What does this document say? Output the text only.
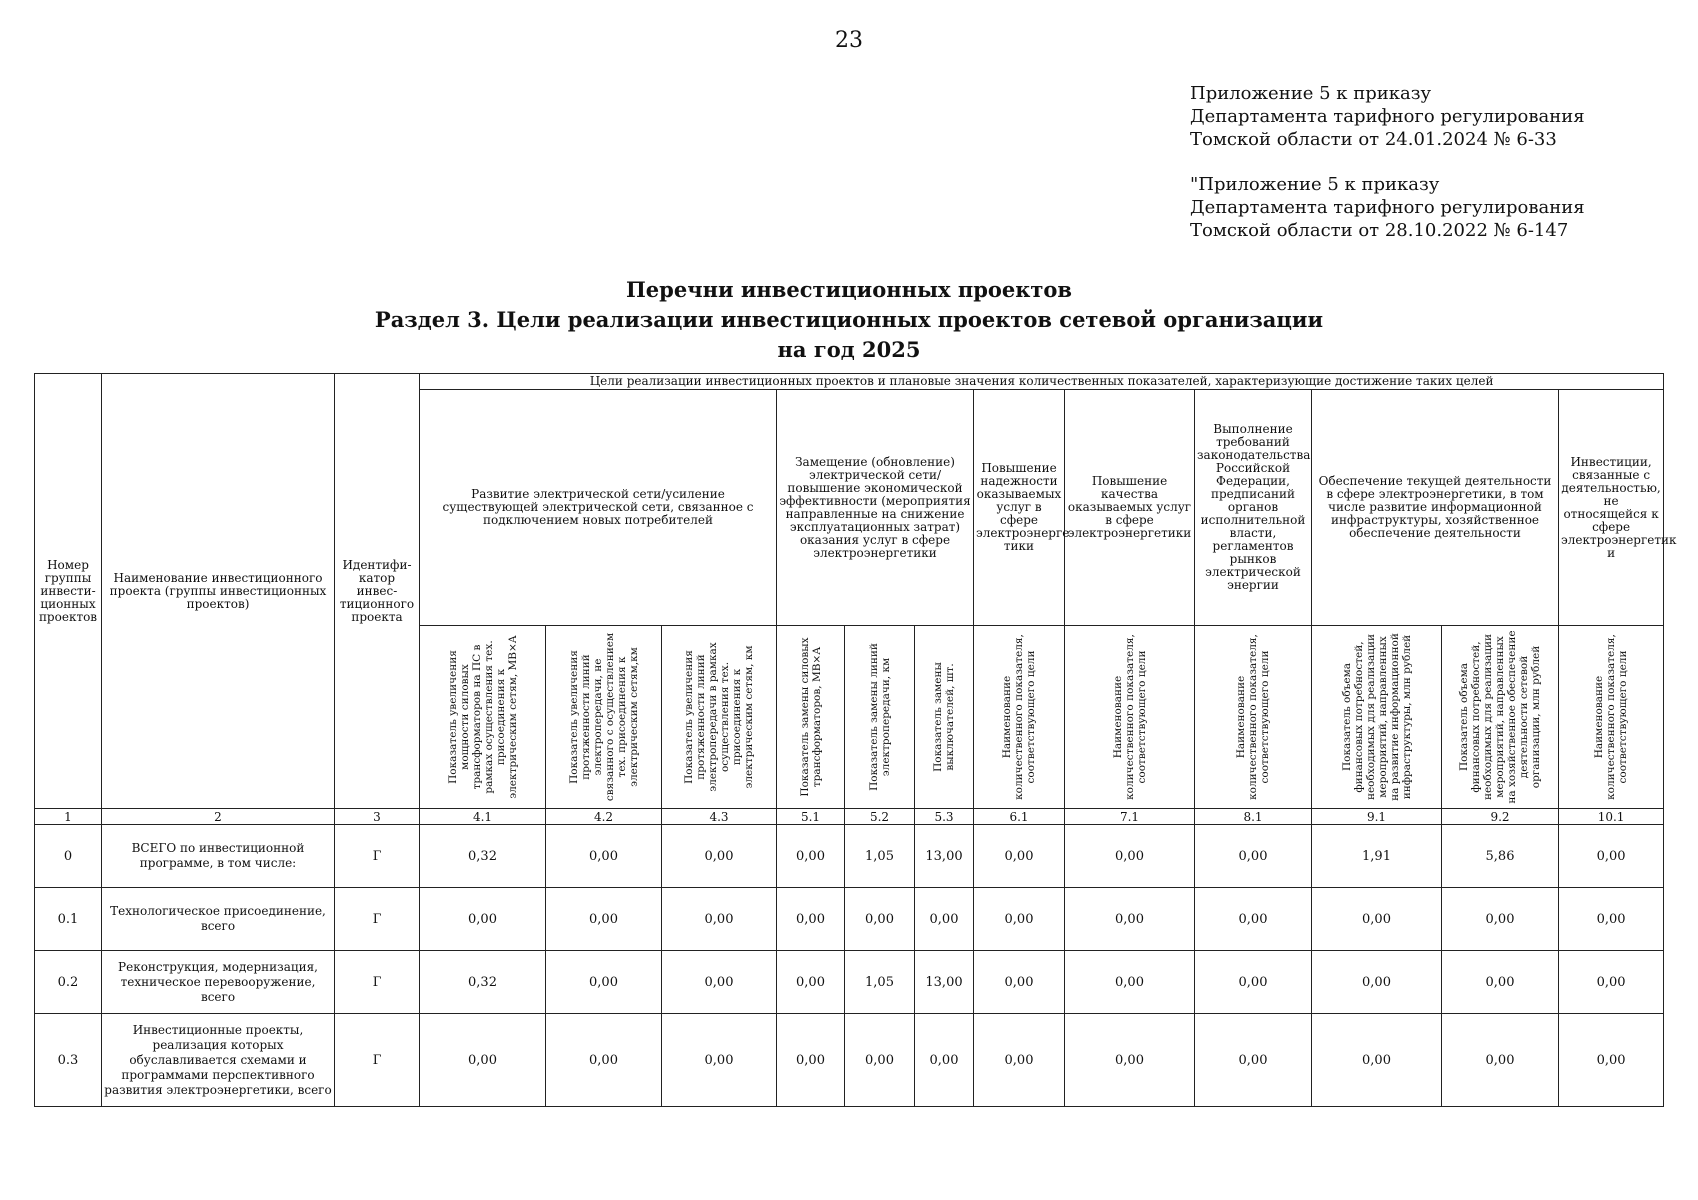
23
Приложение 5 к приказу
Департамента тарифного регулирования
Томской области от 24.01.2024 № 6-33
"Приложение 5 к приказу
Департамента тарифного регулирования
Томской области от 28.10.2022 № 6-147
Перечни инвестиционных проектов
Раздел 3. Цели реализации инвестиционных проектов сетевой организации
на год 2025
Номер группы инвести-ционных проектов	Наименование инвестиционного проекта (группы инвестиционных проектов)	Идентифи-катор инвес-тиционного проекта	Цели реализации инвестиционных проектов и плановые значения количественных показателей, характеризующие достижение таких целей											
			Развитие электрической сети/усиление существующей электрической сети, связанное с подключением новых потребителей			Замещение (обновление) электрической сети/повышение экономической эффективности (мероприятия направленные на снижение эксплуатационных затрат) оказания услуг в сфере электроэнергетики			Повышение надежности оказываемых услуг в сфере электроэнерге тики	Повышение качества оказываемых услуг в сфере электроэнергетики	Выполнение требований законодательства Российской Федерации, предписаний органов исполнительной власти, регламентов рынков электрической энергии	Обеспечение текущей деятельности в сфере электроэнергетики, в том числе развитие информационной инфраструктуры, хозяйственное обеспечение деятельности		Инвестиции, связанные с деятельностью, не относящейся к сфере электроэнергетик и

			Показатель увеличения мощности силовых трансформаторов на ПС в рамках осуществления тех. присоединения к электрическим сетям, МВ×А	Показатель увеличения протяженности линий электропередачи, не связанного с осуществлением тех. присоединения к электрическим сетям,км	Показатель увеличения протяженности линий электропередачи в рамках осуществления тех. присоединения к электрическим сетям, км	Показатель замены силовых трансформаторов, МВ×А	Показатель замены линий электропередачи, км	Показатель замены выключателей, шт.	Наименование количественного показателя, соответствующего цели	Наименование количественного показателя, соответствующего цели	Наименование количественного показателя, соответствующего цели	Показатель объема финансовых потребностей, необходимых для реализации мероприятий, направленных на развитие информационной инфраструктуры, млн рублей	Показатель объема финансовых потребностей, необходимых для реализации мероприятий, направленных на хозяйственное обеспечение деятельности сетевой организации, млн рублей	Наименование количественного показателя, соответствующего цели

1	2	3	4.1	4.2	4.3	5.1	5.2	5.3	6.1	7.1	8.1	9.1	9.2	10.1
0	ВСЕГО по инвестиционной программе, в том числе:	Г	0,32	0,00	0,00	0,00	1,05	13,00	0,00	0,00	0,00	1,91	5,86	0,00
0.1	Технологическое присоединение, всего	Г	0,00	0,00	0,00	0,00	0,00	0,00	0,00	0,00	0,00	0,00	0,00	0,00
0.2	Реконструкция, модернизация, техническое перевооружение, всего	Г	0,32	0,00	0,00	0,00	1,05	13,00	0,00	0,00	0,00	0,00	0,00	0,00
0.3	Инвестиционные проекты, реализация которых обуславливается схемами и программами перспективного развития электроэнергетики, всего	Г	0,00	0,00	0,00	0,00	0,00	0,00	0,00	0,00	0,00	0,00	0,00	0,00
